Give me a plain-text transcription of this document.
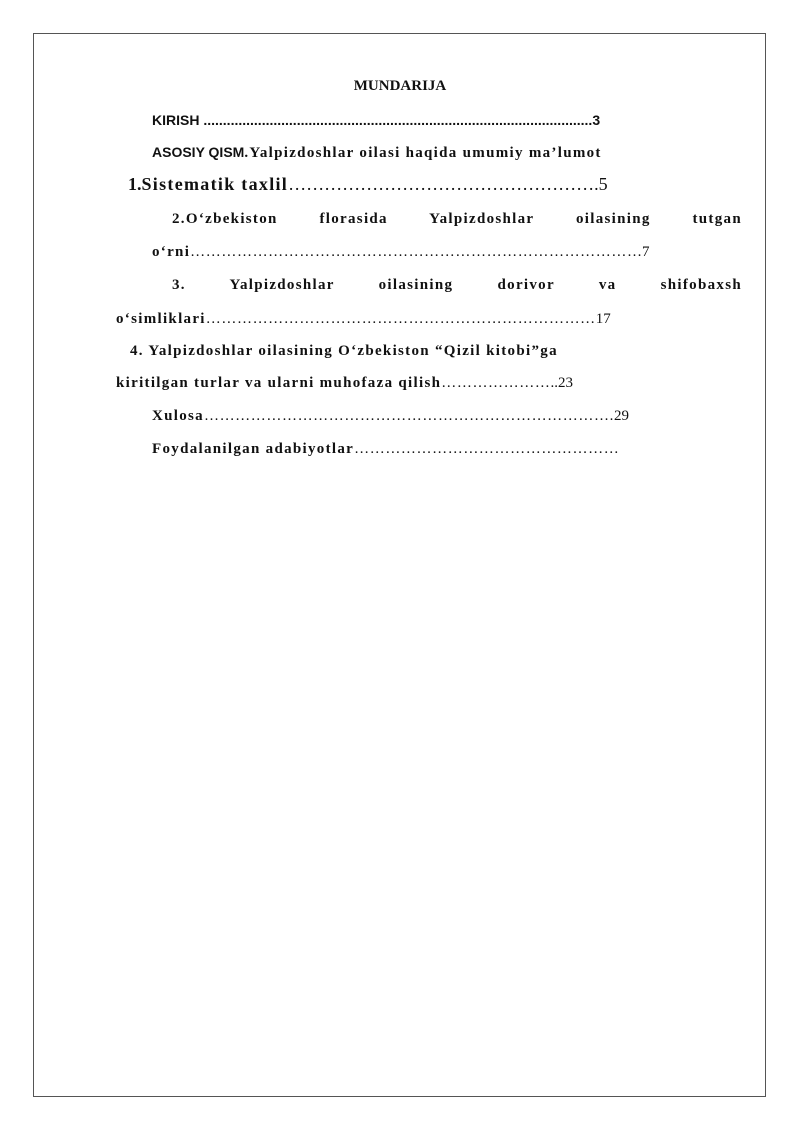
MUNDARIJA
KIRISH ....................................................................................................3
ASOSIY QISM.Yalpizdoshlar oilasi haqida umumiy ma’lumot
1.Sistematik taxlil…………………………………………….5
2.O‘zbekiston	florasida	Yalpizdoshlar	oilasining	tutgan
o‘rni……………………………………………………………………………7
3.	Yalpizdoshlar	oilasining	dorivor	va	shifobaxsh
o‘simliklari…………………………………………………………………17
4. Yalpizdoshlar oilasining O‘zbekiston “Qizil kitobi”ga
kiritilgan turlar va ularni muhofaza qilish…………………..23
Xulosa…………………………………………………………………….29
Foydalanilgan adabiyotlar……………………………………………
